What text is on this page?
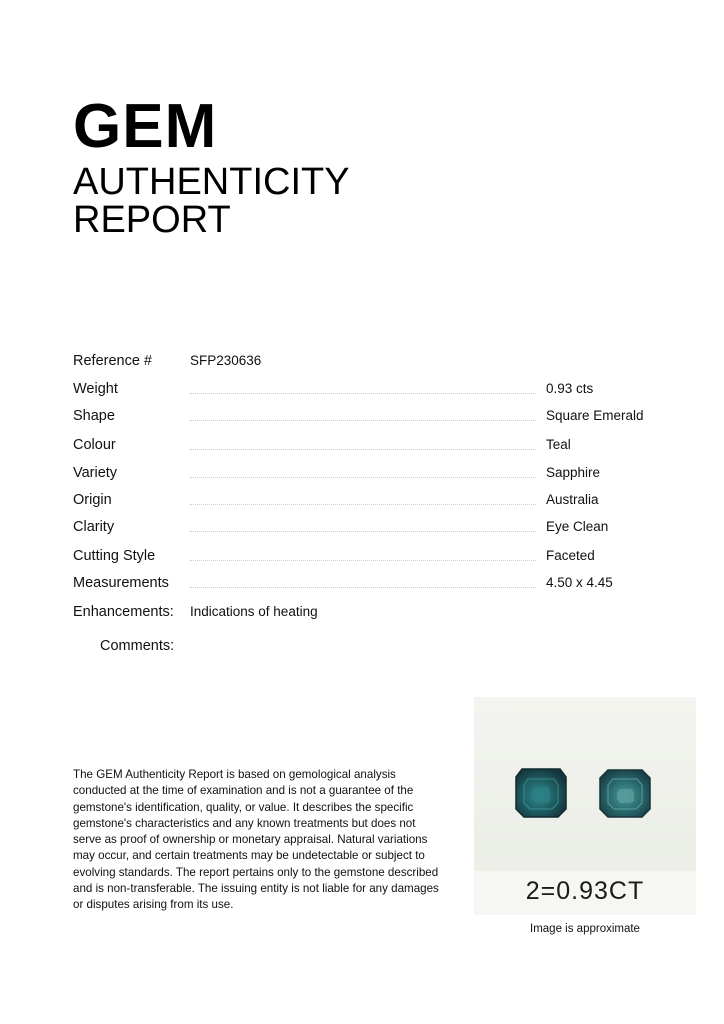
GEM
AUTHENTICITY
REPORT
Reference #	SFP230636
Weight	0.93 cts
Shape	Square Emerald
Colour	Teal
Variety	Sapphire
Origin	Australia
Clarity	Eye Clean
Cutting Style	Faceted
Measurements	4.50 x 4.45
Enhancements: Indications of heating
Comments:
The GEM Authenticity Report is based on gemological analysis conducted at the time of examination and is not a guarantee of the gemstone's identification, quality, or value. It describes the specific gemstone's characteristics and any known treatments but does not serve as proof of ownership or monetary appraisal. Natural variations may occur, and certain treatments may be undetectable or subject to evolving standards. The report pertains only to the gemstone described and is non-transferable. The issuing entity is not liable for any damages or disputes arising from its use.	2=0.93CT
Image is approximate
